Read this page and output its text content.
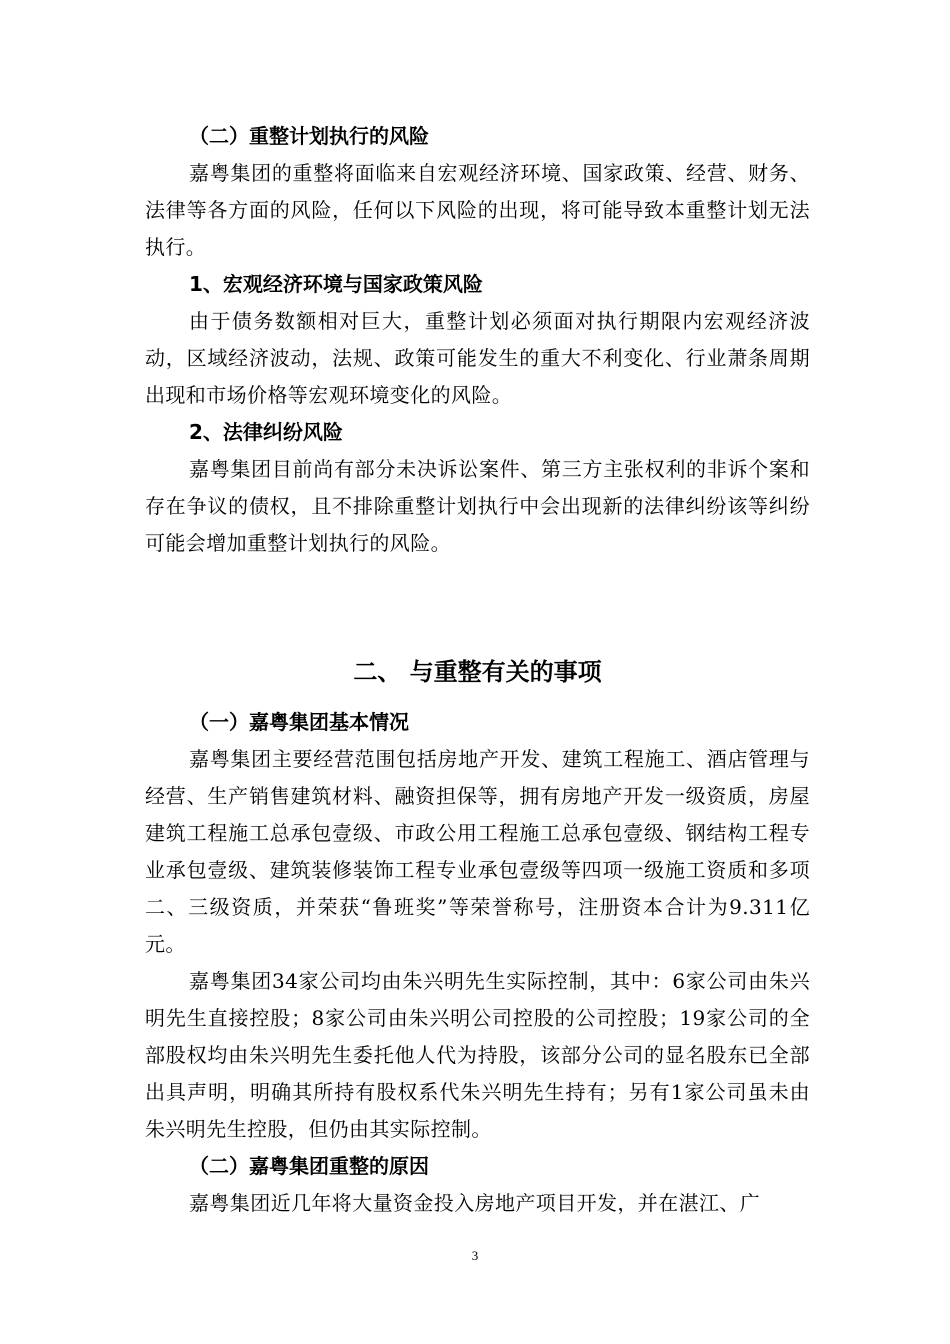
（二）重整计划执行的风险

嘉粤集团的重整将面临来自宏观经济环境、国家政策、经营、财务、法律等各方面的风险，任何以下风险的出现，将可能导致本重整计划无法执行。

1、宏观经济环境与国家政策风险

由于债务数额相对巨大，重整计划必须面对执行期限内宏观经济波动，区域经济波动，法规、政策可能发生的重大不利变化、行业萧条周期出现和市场价格等宏观环境变化的风险。

2、法律纠纷风险

嘉粤集团目前尚有部分未决诉讼案件、第三方主张权利的非诉个案和存在争议的债权，且不排除重整计划执行中会出现新的法律纠纷该等纠纷可能会增加重整计划执行的风险。

二、 与重整有关的事项

（一）嘉粤集团基本情况

嘉粤集团主要经营范围包括房地产开发、建筑工程施工、酒店管理与经营、生产销售建筑材料、融资担保等，拥有房地产开发一级资质，房屋建筑工程施工总承包壹级、市政公用工程施工总承包壹级、钢结构工程专业承包壹级、建筑装修装饰工程专业承包壹级等四项一级施工资质和多项二、三级资质，并荣获“鲁班奖”等荣誉称号，注册资本合计为9.311亿元。

嘉粤集团34家公司均由朱兴明先生实际控制，其中：6家公司由朱兴明先生直接控股；8家公司由朱兴明公司控股的公司控股；19家公司的全部股权均由朱兴明先生委托他人代为持股，该部分公司的显名股东已全部出具声明，明确其所持有股权系代朱兴明先生持有；另有1家公司虽未由朱兴明先生控股，但仍由其实际控制。

（二）嘉粤集团重整的原因

嘉粤集团近几年将大量资金投入房地产项目开发，并在湛江、广

3
